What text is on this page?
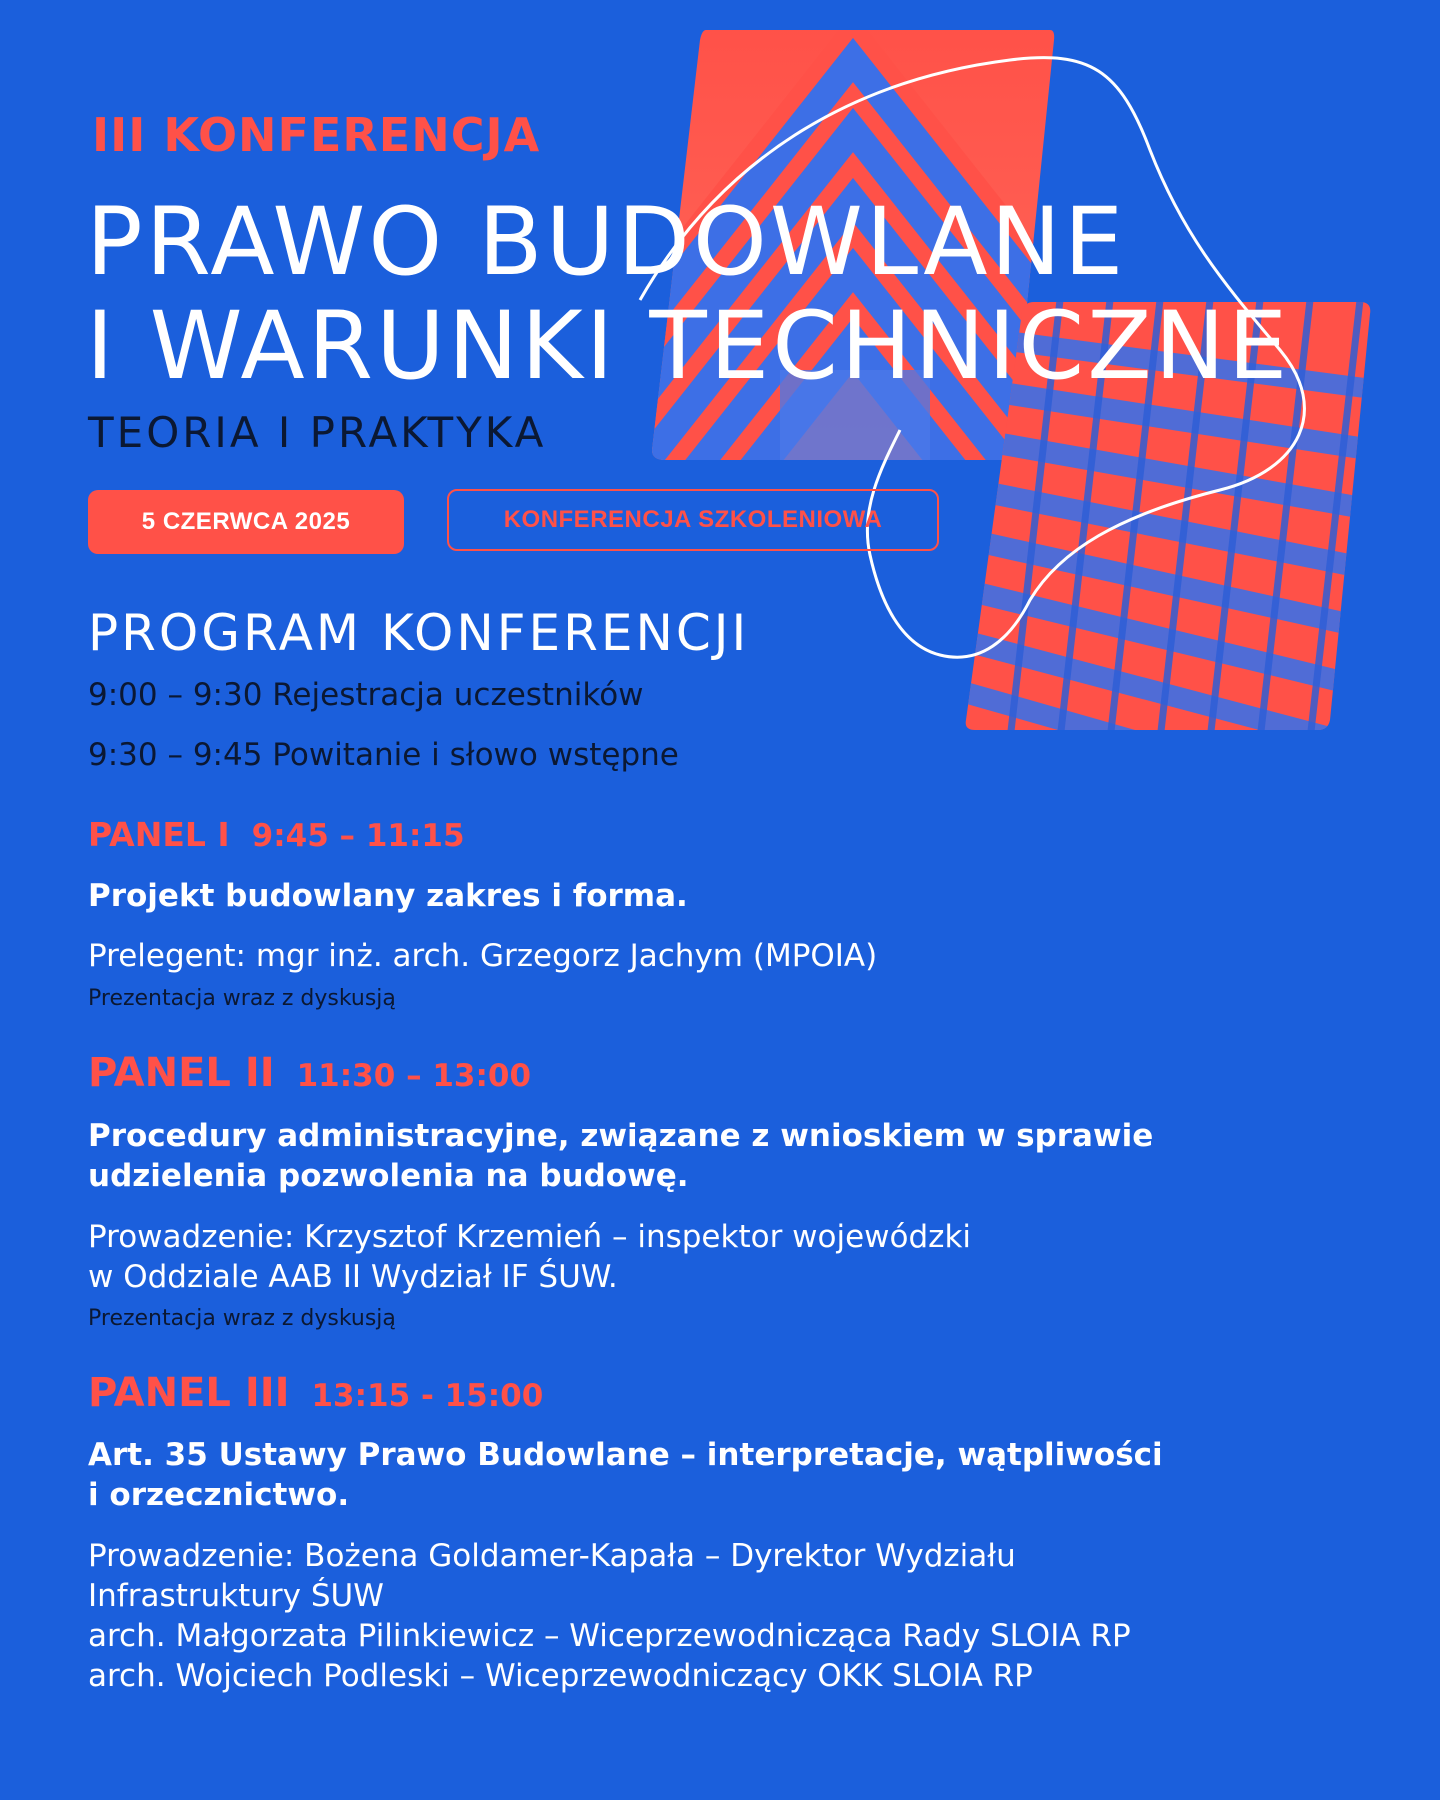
III KONFERENCJA
PRAWO BUDOWLANE
I WARUNKI TECHNICZNE
TEORIA I PRAKTYKA
5 CZERWCA 2025	KONFERENCJA SZKOLENIOWA
PROGRAM KONFERENCJI
9:00 – 9:30 Rejestracja uczestników
9:30 – 9:45 Powitanie i słowo wstępne
PANEL I 9:45 – 11:15
Projekt budowlany zakres i forma.
Prelegent: mgr inż. arch. Grzegorz Jachym (MPOIA)
Prezentacja wraz z dyskusją
PANEL II 11:30 – 13:00
Procedury administracyjne, związane z wnioskiem w sprawie
udzielenia pozwolenia na budowę.
Prowadzenie: Krzysztof Krzemień – inspektor wojewódzki
w Oddziale AAB II Wydział IF ŚUW.
Prezentacja wraz z dyskusją
PANEL III 13:15 - 15:00
Art. 35 Ustawy Prawo Budowlane – interpretacje, wątpliwości
i orzecznictwo.
Prowadzenie: Bożena Goldamer-Kapała – Dyrektor Wydziału
Infrastruktury ŚUW
arch. Małgorzata Pilinkiewicz – Wiceprzewodnicząca Rady SLOIA RP
arch. Wojciech Podleski – Wiceprzewodniczący OKK SLOIA RP
